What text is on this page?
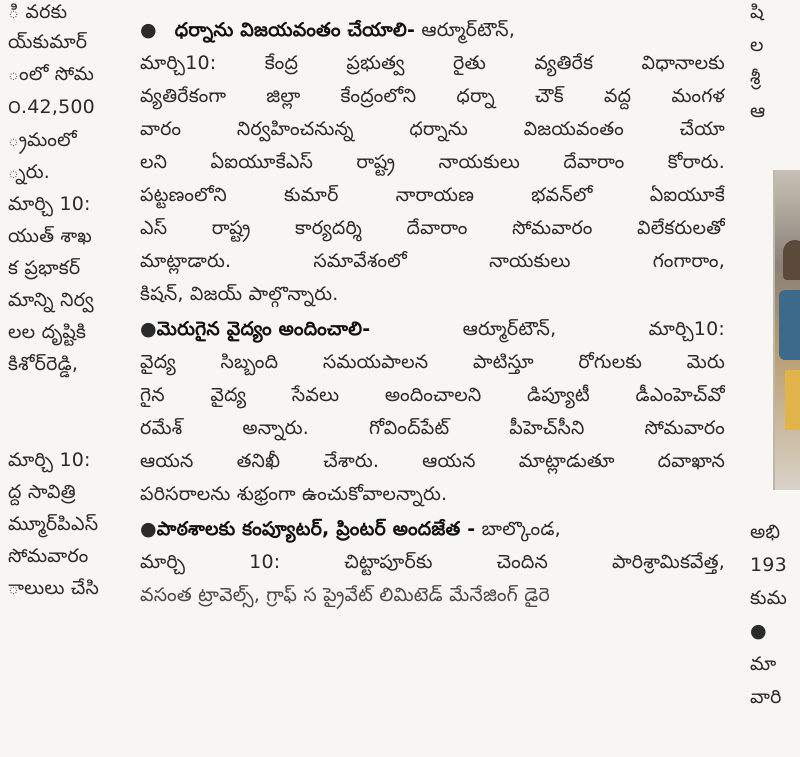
ి వరకు
య్‌కుమార్
ంలో సోమ
౦.42,500
్రమంలో
్నరు.
మార్చి 10:
యుత్ శాఖ
క ప్రభాకర్
మాన్ని నిర్వ
లల దృష్టికి
కిశోర్‌రెడ్డి,
మార్చి 10:
ద్ద సావిత్రి
మ్మూర్‌పిఎస్
సోమవారం
ాలులు చేసి
● ధర్నాను విజయవంతం చేయాలి- ఆర్మూర్‌టౌన్,
మార్చి10:	కేంద్ర	ప్రభుత్వ	రైతు	వ్యతిరేక	విధానాలకు
వ్యతిరేకంగా జిల్లా కేంద్రంలోని ధర్నా చౌక్ వద్ద మంగళ
వారం	నిర్వహించనున్న	ధర్నాను	విజయవంతం	చేయా
లని ఏఐయూకేఎస్ రాష్ట్ర నాయకులు దేవారాం కోరారు.
పట్టణంలోని	కుమార్	నారాయణ	భవన్‌లో	ఏఐయూకే
ఎస్ రాష్ట్ర కార్యదర్శి దేవారాం సోమవారం విలేకరులతో
మాట్లాడారు.	సమావేశంలో	నాయకులు	గంగారాం,
కిషన్, విజయ్ పాల్గొన్నారు.
●మెరుగైన వైద్యం అందించాలి-	ఆర్మూర్‌టౌన్,	మార్చి10:
వైద్య సిబ్బంది సమయపాలన పాటిస్తూ రోగులకు మెరు
గైన వైద్య సేవలు అందించాలని డిప్యూటీ డీఎంహెచ్‌వో
రమేశ్	అన్నారు.	గోవింద్‌పేట్	పీహెచ్‌సీని	సోమవారం
ఆయన తనిఖీ చేశారు. ఆయన మాట్లాడుతూ దవాఖాన
పరిసరాలను శుభ్రంగా ఉంచుకోవాలన్నారు.
●పాఠశాలకు కంప్యూటర్, ప్రింటర్ అందజేత - బాల్కొండ,
మార్చి	10:	చిట్టాపూర్‌కు	చెందిన	పారిశ్రామికవేత్త,
వసంత ట్రావెల్స్, గ్రాఫ్ స ప్రైవేట్ లిమిటెడ్ మేనేజింగ్ డైరె
షి
ల
శ్రీ
ఆ
అభి
193
కుమ
●
మా
వారి
